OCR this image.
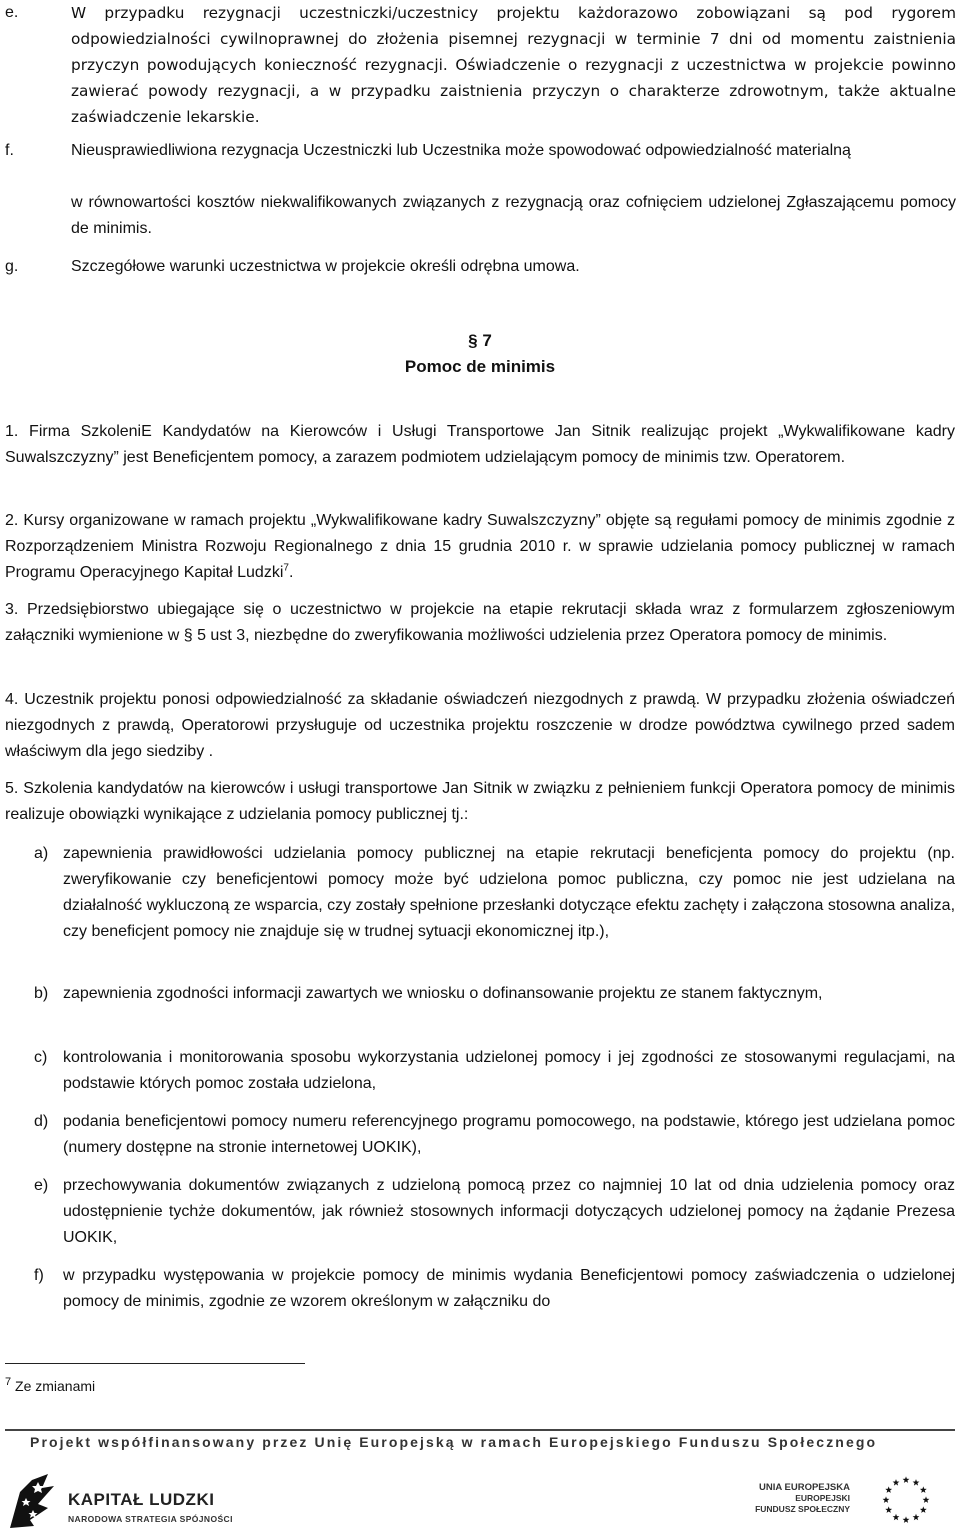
e.	W przypadku rezygnacji uczestniczki/uczestnicy projektu każdorazowo zobowiązani są pod rygorem odpowiedzialności cywilnoprawnej do złożenia pisemnej rezygnacji w terminie 7 dni od momentu zaistnienia przyczyn powodujących konieczność rezygnacji. Oświadczenie o rezygnacji z uczestnictwa w projekcie powinno zawierać powody rezygnacji, a w przypadku zaistnienia przyczyn o charakterze zdrowotnym, także aktualne zaświadczenie lekarskie.
f.	Nieusprawiedliwiona rezygnacja Uczestniczki lub Uczestnika może spowodować odpowiedzialność materialną
w równowartości kosztów niekwalifikowanych związanych z rezygnacją oraz cofnięciem udzielonej Zgłaszającemu pomocy de minimis.
g.	Szczegółowe warunki uczestnictwa w projekcie określi odrębna umowa.
§ 7
Pomoc de minimis
1. Firma SzkoleniE Kandydatów na Kierowców i Usługi Transportowe Jan Sitnik realizując projekt „Wykwalifikowane kadry Suwalszczyzny” jest Beneficjentem pomocy, a zarazem podmiotem udzielającym pomocy de minimis tzw. Operatorem.
2. Kursy organizowane w ramach projektu „Wykwalifikowane kadry Suwalszczyzny” objęte są regułami pomocy de minimis zgodnie z Rozporządzeniem Ministra Rozwoju Regionalnego z dnia 15 grudnia 2010 r. w sprawie udzielania pomocy publicznej w ramach Programu Operacyjnego Kapitał Ludzki$^7$.
3. Przedsiębiorstwo ubiegające się o uczestnictwo w projekcie na etapie rekrutacji składa wraz z formularzem zgłoszeniowym załączniki wymienione w § 5 ust 3, niezbędne do zweryfikowania możliwości udzielenia przez Operatora pomocy de minimis.
4. Uczestnik projektu ponosi odpowiedzialność za składanie oświadczeń niezgodnych z prawdą. W przypadku złożenia oświadczeń niezgodnych z prawdą, Operatorowi przysługuje od uczestnika projektu roszczenie w drodze powództwa cywilnego przed sadem właściwym dla jego siedziby .
5. Szkolenia kandydatów na kierowców i usługi transportowe Jan Sitnik w związku z pełnieniem funkcji Operatora pomocy de minimis realizuje obowiązki wynikające z udzielania pomocy publicznej tj.:
a) zapewnienia prawidłowości udzielania pomocy publicznej na etapie rekrutacji beneficjenta pomocy do projektu (np. zweryfikowanie czy beneficjentowi pomocy może być udzielona pomoc publiczna, czy pomoc nie jest udzielana na działalność wykluczoną ze wsparcia, czy zostały spełnione przesłanki dotyczące efektu zachęty i załączona stosowna analiza, czy beneficjent pomocy nie znajduje się w trudnej sytuacji ekonomicznej itp.),
b) zapewnienia zgodności informacji zawartych we wniosku o dofinansowanie projektu ze stanem faktycznym,
c) kontrolowania i monitorowania sposobu wykorzystania udzielonej pomocy i jej zgodności ze stosowanymi regulacjami, na podstawie których pomoc została udzielona,
d) podania beneficjentowi pomocy numeru referencyjnego programu pomocowego, na podstawie, którego jest udzielana pomoc (numery dostępne na stronie internetowej UOKIK),
e) przechowywania dokumentów związanych z udzieloną pomocą przez co najmniej 10 lat od dnia udzielenia pomocy oraz udostępnienie tychże dokumentów, jak również stosownych informacji dotyczących udzielonej pomocy na żądanie Prezesa UOKIK,
f) w przypadku występowania w projekcie pomocy de minimis wydania Beneficjentowi pomocy zaświadczenia o udzielonej pomocy de minimis, zgodnie ze wzorem określonym w załączniku do
$^7$ Ze zmianami
Projekt współfinansowany przez Unię Europejską w ramach Europejskiego Funduszu Społecznego
KAPITAŁ LUDZKI
NARODOWA STRATEGIA SPÓJNOŚCI
UNIA EUROPEJSKA
EUROPEJSKI
FUNDUSZ SPOŁECZNY
